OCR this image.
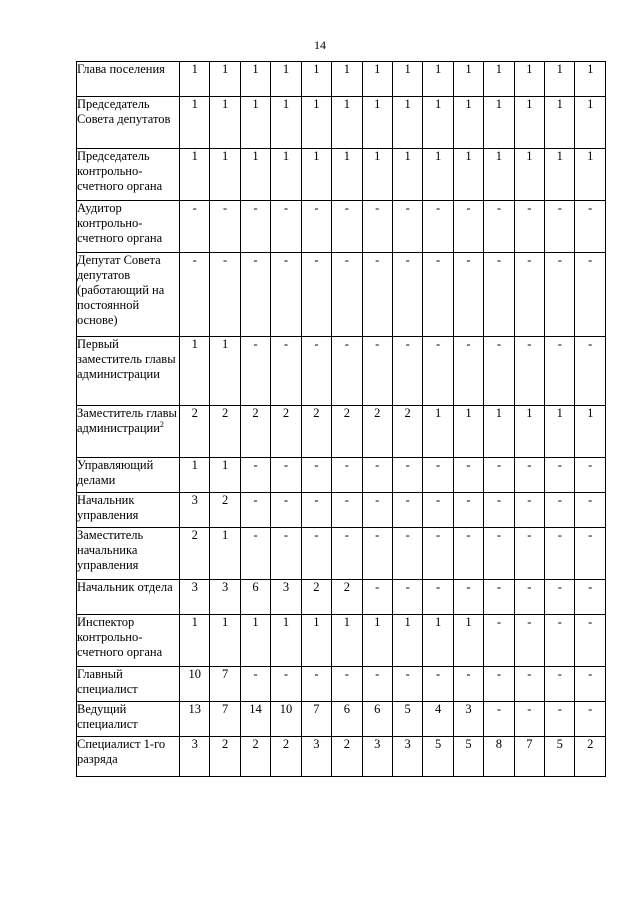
14
Глава поселения	1	1	1	1	1	1	1	1	1	1	1	1	1	1
Председатель Совета депутатов	1	1	1	1	1	1	1	1	1	1	1	1	1	1
Председатель контрольно-счетного органа	1	1	1	1	1	1	1	1	1	1	1	1	1	1
Аудитор контрольно-счетного органа	-	-	-	-	-	-	-	-	-	-	-	-	-	-
Депутат Совета депутатов (работающий на постоянной основе)	-	-	-	-	-	-	-	-	-	-	-	-	-	-
Первый заместитель главы администрации	1	1	-	-	-	-	-	-	-	-	-	-	-	-
Заместитель главы администрации$^2$	2	2	2	2	2	2	2	2	1	1	1	1	1	1
Управляющий делами	1	1	-	-	-	-	-	-	-	-	-	-	-	-
Начальник управления	3	2	-	-	-	-	-	-	-	-	-	-	-	-
Заместитель начальника управления	2	1	-	-	-	-	-	-	-	-	-	-	-	-
Начальник отдела	3	3	6	3	2	2	-	-	-	-	-	-	-	-
Инспектор контрольно-счетного органа	1	1	1	1	1	1	1	1	1	1	-	-	-	-
Главный специалист	10	7	-	-	-	-	-	-	-	-	-	-	-	-
Ведущий специалист	13	7	14	10	7	6	6	5	4	3	-	-	-	-
Специалист 1-го разряда	3	2	2	2	3	2	3	3	5	5	8	7	5	2
